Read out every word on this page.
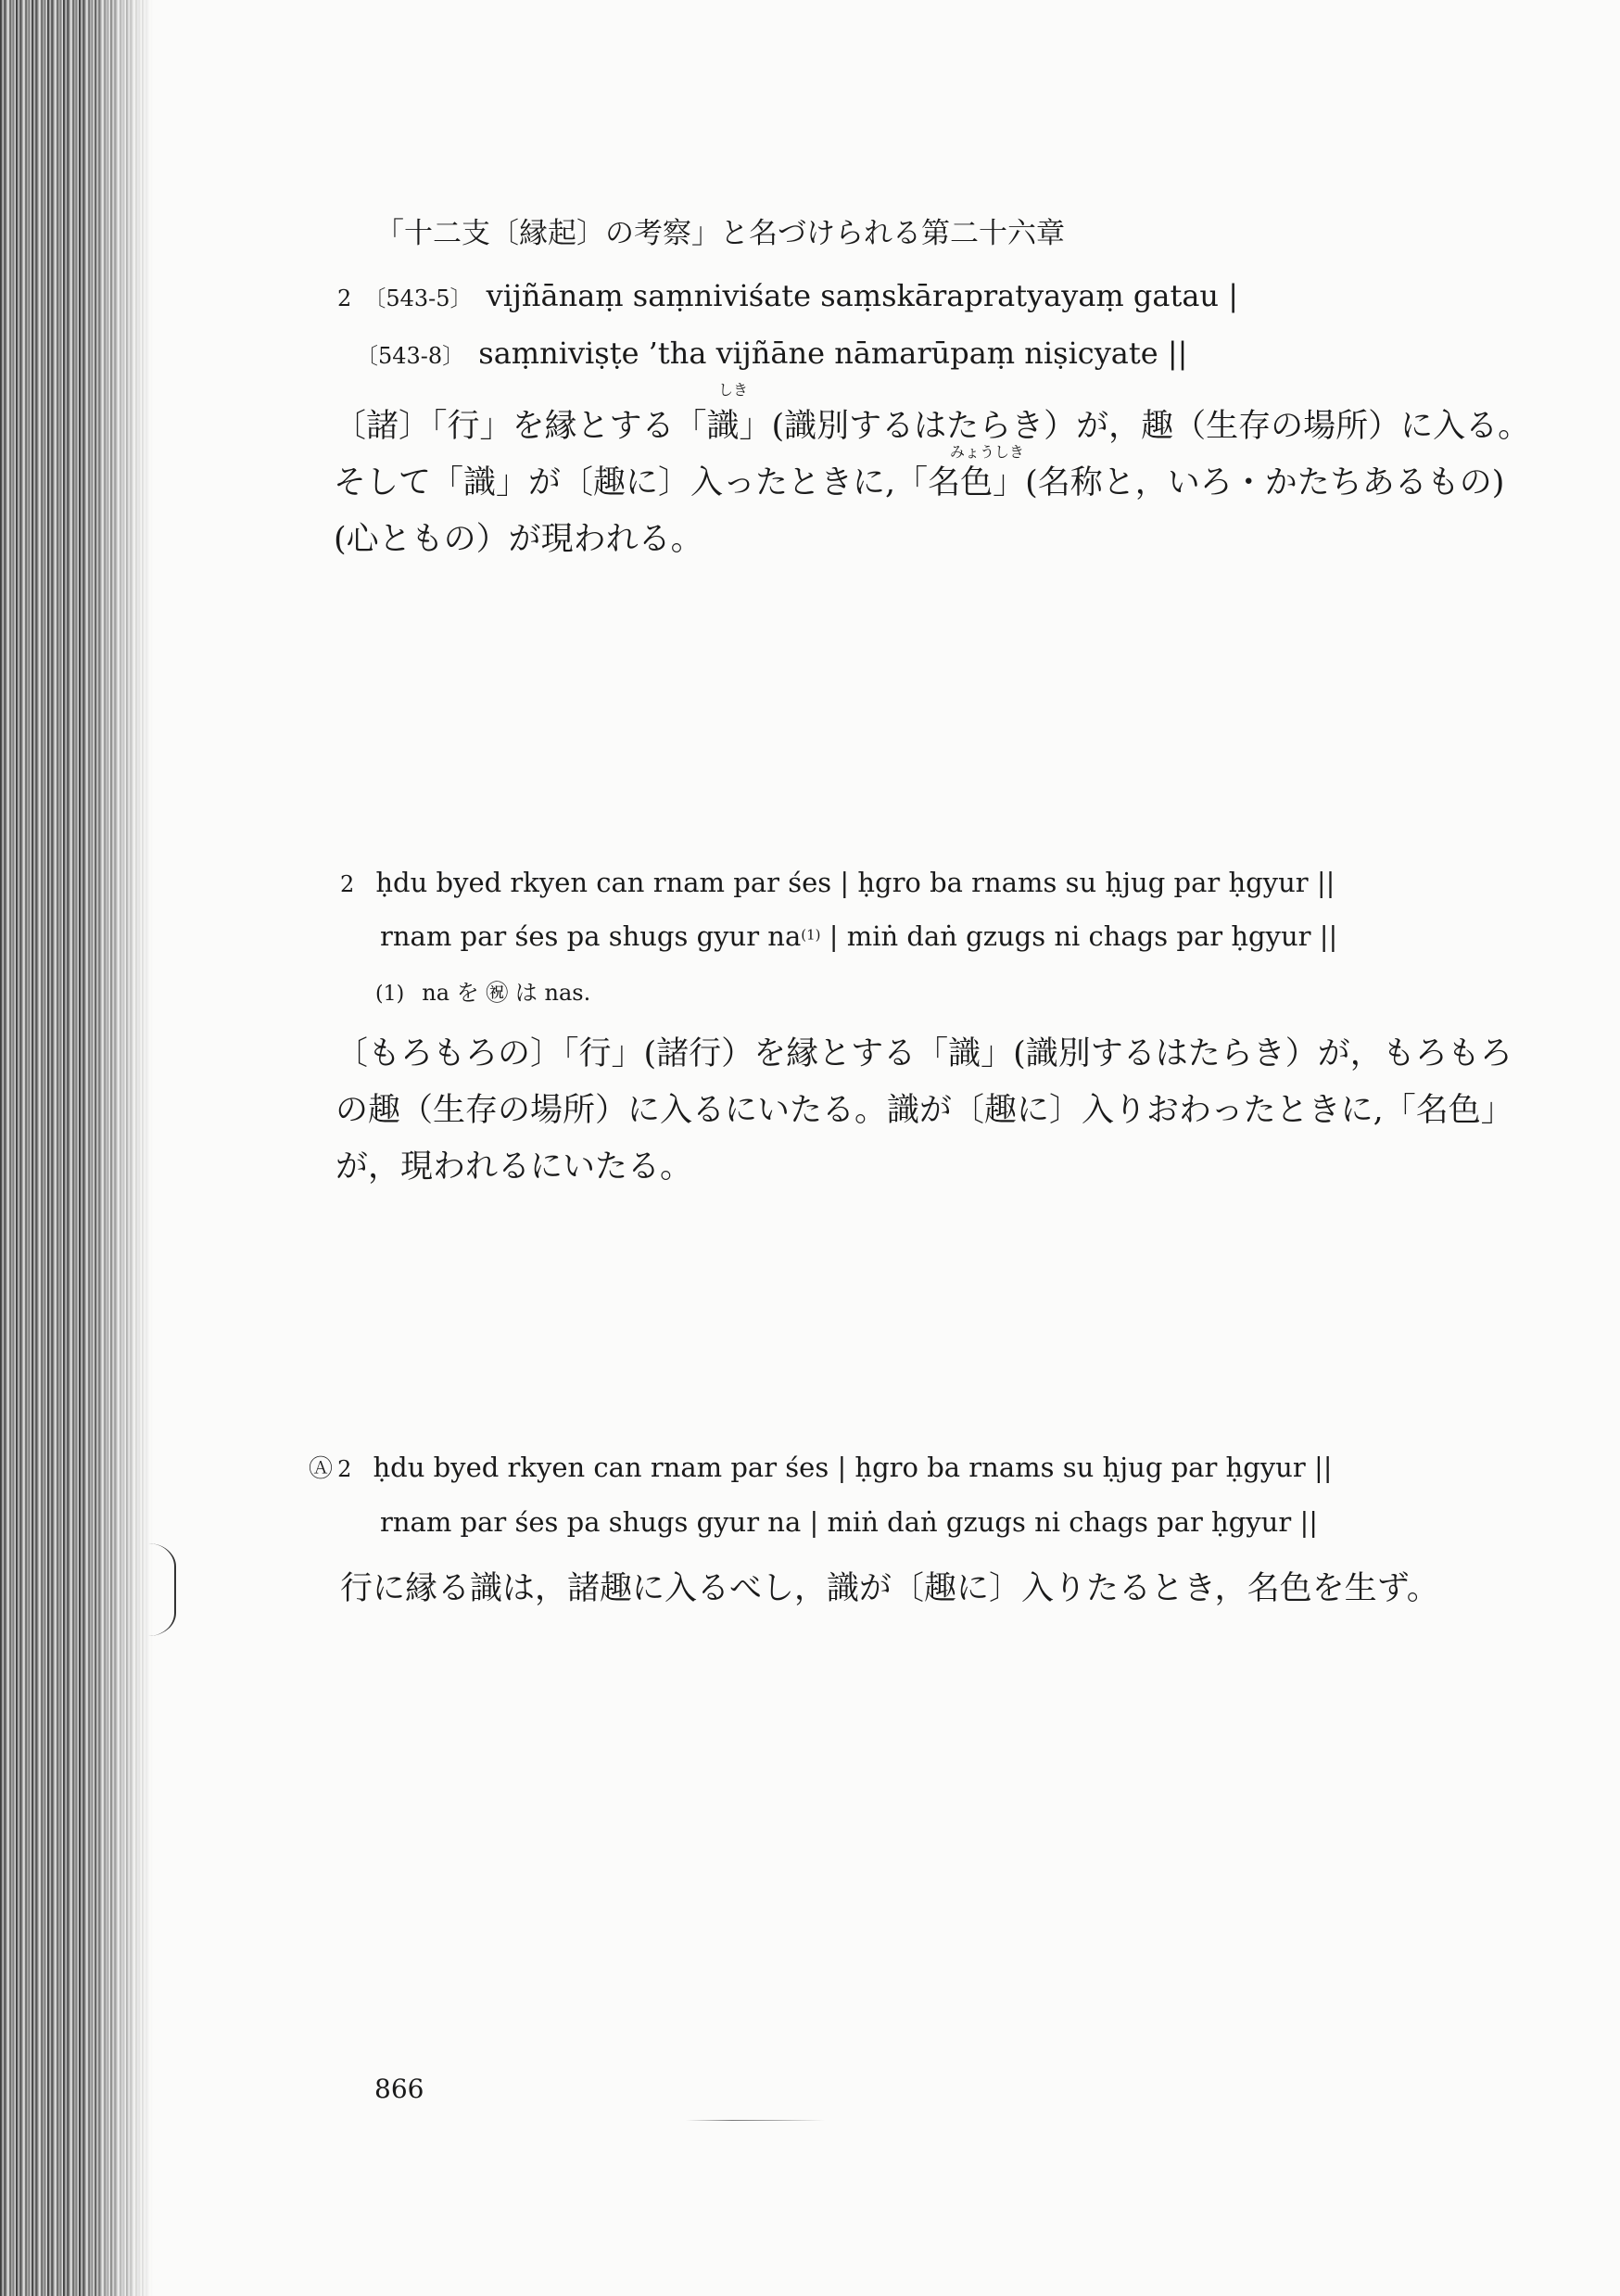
「十二支〔縁起〕の考察」と名づけられる第二十六章
2 〔543-5〕 vijñānaṃ saṃniviśate saṃskārapratyayaṃ gatau |
〔543-8〕 saṃniviṣṭe ’tha vijñāne nāmarūpaṃ niṣicyate ||
しき
みょうしき
〔諸〕「行」を縁とする「識」(識別するはたらき）が，趣（生存の場所）に入る。
そして「識」が〔趣に〕入ったときに,「名色」(名称と，いろ・かたちあるもの)
(心ともの）が現われる。
2 ḥdu byed rkyen can rnam par śes | ḥgro ba rnams su ḥjug par ḥgyur ||
rnam par śes pa shugs gyur $na^{(1)}$ | miṅ daṅ gzugs ni chags par ḥgyur ||
(1) na を ㊗ は nas.
〔もろもろの〕「行」(諸行）を縁とする「識」(識別するはたらき）が，もろもろ
の趣（生存の場所）に入るにいたる。識が〔趣に〕入りおわったときに,「名色」
が，現われるにいたる。
Ⓐ 2 ḥdu byed rkyen can rnam par śes | ḥgro ba rnams su ḥjug par ḥgyur ||
rnam par śes pa shugs gyur na | miṅ daṅ gzugs ni chags par ḥgyur ||
行に縁る識は，諸趣に入るべし，識が〔趣に〕入りたるとき，名色を生ず。
866
